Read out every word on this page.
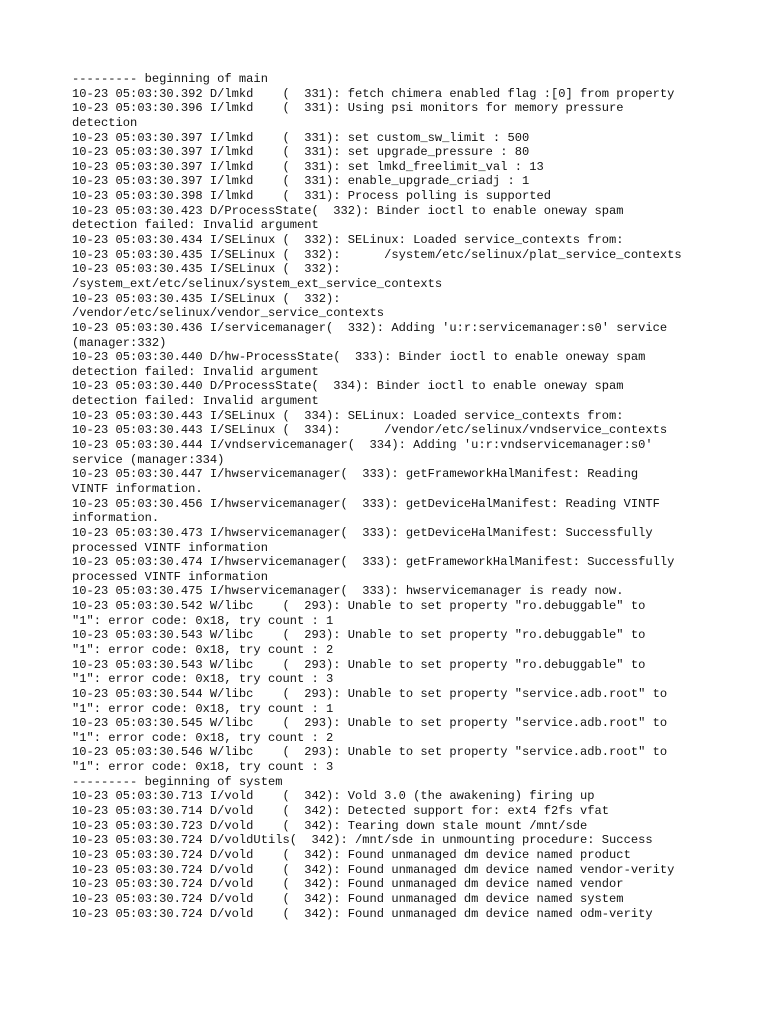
--------- beginning of main
10-23 05:03:30.392 D/lmkd    (  331): fetch chimera enabled flag :[0] from property
10-23 05:03:30.396 I/lmkd    (  331): Using psi monitors for memory pressure
detection
10-23 05:03:30.397 I/lmkd    (  331): set custom_sw_limit : 500
10-23 05:03:30.397 I/lmkd    (  331): set upgrade_pressure : 80
10-23 05:03:30.397 I/lmkd    (  331): set lmkd_freelimit_val : 13
10-23 05:03:30.397 I/lmkd    (  331): enable_upgrade_criadj : 1
10-23 05:03:30.398 I/lmkd    (  331): Process polling is supported
10-23 05:03:30.423 D/ProcessState(  332): Binder ioctl to enable oneway spam
detection failed: Invalid argument
10-23 05:03:30.434 I/SELinux (  332): SELinux: Loaded service_contexts from:
10-23 05:03:30.435 I/SELinux (  332):      /system/etc/selinux/plat_service_contexts
10-23 05:03:30.435 I/SELinux (  332):
/system_ext/etc/selinux/system_ext_service_contexts
10-23 05:03:30.435 I/SELinux (  332):
/vendor/etc/selinux/vendor_service_contexts
10-23 05:03:30.436 I/servicemanager(  332): Adding 'u:r:servicemanager:s0' service
(manager:332)
10-23 05:03:30.440 D/hw-ProcessState(  333): Binder ioctl to enable oneway spam
detection failed: Invalid argument
10-23 05:03:30.440 D/ProcessState(  334): Binder ioctl to enable oneway spam
detection failed: Invalid argument
10-23 05:03:30.443 I/SELinux (  334): SELinux: Loaded service_contexts from:
10-23 05:03:30.443 I/SELinux (  334):      /vendor/etc/selinux/vndservice_contexts
10-23 05:03:30.444 I/vndservicemanager(  334): Adding 'u:r:vndservicemanager:s0'
service (manager:334)
10-23 05:03:30.447 I/hwservicemanager(  333): getFrameworkHalManifest: Reading
VINTF information.
10-23 05:03:30.456 I/hwservicemanager(  333): getDeviceHalManifest: Reading VINTF
information.
10-23 05:03:30.473 I/hwservicemanager(  333): getDeviceHalManifest: Successfully
processed VINTF information
10-23 05:03:30.474 I/hwservicemanager(  333): getFrameworkHalManifest: Successfully
processed VINTF information
10-23 05:03:30.475 I/hwservicemanager(  333): hwservicemanager is ready now.
10-23 05:03:30.542 W/libc    (  293): Unable to set property "ro.debuggable" to
"1": error code: 0x18, try count : 1
10-23 05:03:30.543 W/libc    (  293): Unable to set property "ro.debuggable" to
"1": error code: 0x18, try count : 2
10-23 05:03:30.543 W/libc    (  293): Unable to set property "ro.debuggable" to
"1": error code: 0x18, try count : 3
10-23 05:03:30.544 W/libc    (  293): Unable to set property "service.adb.root" to
"1": error code: 0x18, try count : 1
10-23 05:03:30.545 W/libc    (  293): Unable to set property "service.adb.root" to
"1": error code: 0x18, try count : 2
10-23 05:03:30.546 W/libc    (  293): Unable to set property "service.adb.root" to
"1": error code: 0x18, try count : 3
--------- beginning of system
10-23 05:03:30.713 I/vold    (  342): Vold 3.0 (the awakening) firing up
10-23 05:03:30.714 D/vold    (  342): Detected support for: ext4 f2fs vfat
10-23 05:03:30.723 D/vold    (  342): Tearing down stale mount /mnt/sde
10-23 05:03:30.724 D/voldUtils(  342): /mnt/sde in unmounting procedure: Success
10-23 05:03:30.724 D/vold    (  342): Found unmanaged dm device named product
10-23 05:03:30.724 D/vold    (  342): Found unmanaged dm device named vendor-verity
10-23 05:03:30.724 D/vold    (  342): Found unmanaged dm device named vendor
10-23 05:03:30.724 D/vold    (  342): Found unmanaged dm device named system
10-23 05:03:30.724 D/vold    (  342): Found unmanaged dm device named odm-verity
